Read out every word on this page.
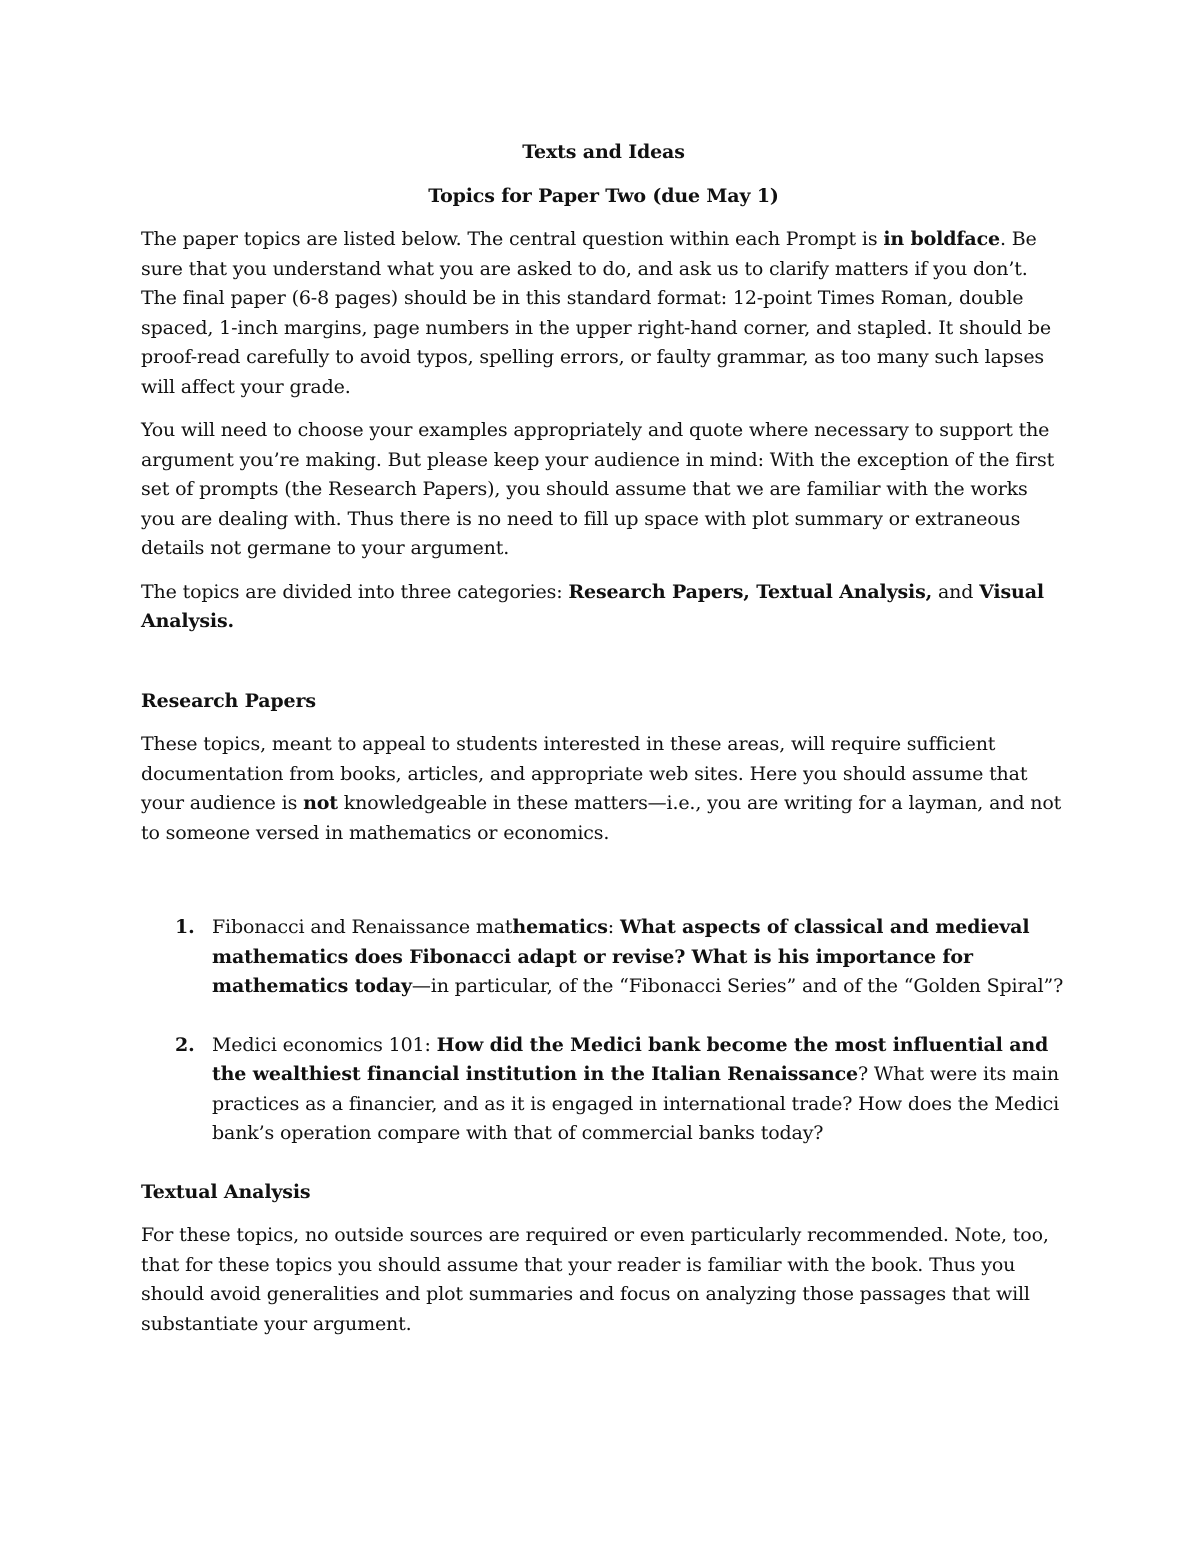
Texts and Ideas
Topics for Paper Two (due May 1)

The paper topics are listed below. The central question within each Prompt is in boldface. Be sure that you understand what you are asked to do, and ask us to clarify matters if you don’t. The final paper (6-8 pages) should be in this standard format: 12-point Times Roman, double spaced, 1-inch margins, page numbers in the upper right-hand corner, and stapled. It should be proof-read carefully to avoid typos, spelling errors, or faulty grammar, as too many such lapses will affect your grade.

You will need to choose your examples appropriately and quote where necessary to support the argument you’re making. But please keep your audience in mind: With the exception of the first set of prompts (the Research Papers), you should assume that we are familiar with the works you are dealing with. Thus there is no need to fill up space with plot summary or extraneous details not germane to your argument.

The topics are divided into three categories: Research Papers, Textual Analysis, and Visual Analysis.

Research Papers

These topics, meant to appeal to students interested in these areas, will require sufficient documentation from books, articles, and appropriate web sites. Here you should assume that your audience is not knowledgeable in these matters—i.e., you are writing for a layman, and not to someone versed in mathematics or economics.

1. Fibonacci and Renaissance mathematics: What aspects of classical and medieval mathematics does Fibonacci adapt or revise? What is his importance for mathematics today—in particular, of the “Fibonacci Series” and of the “Golden Spiral”?
2. Medici economics 101: How did the Medici bank become the most influential and the wealthiest financial institution in the Italian Renaissance? What were its main practices as a financier, and as it is engaged in international trade? How does the Medici bank’s operation compare with that of commercial banks today?
Textual Analysis

For these topics, no outside sources are required or even particularly recommended. Note, too, that for these topics you should assume that your reader is familiar with the book. Thus you should avoid generalities and plot summaries and focus on analyzing those passages that will substantiate your argument.
